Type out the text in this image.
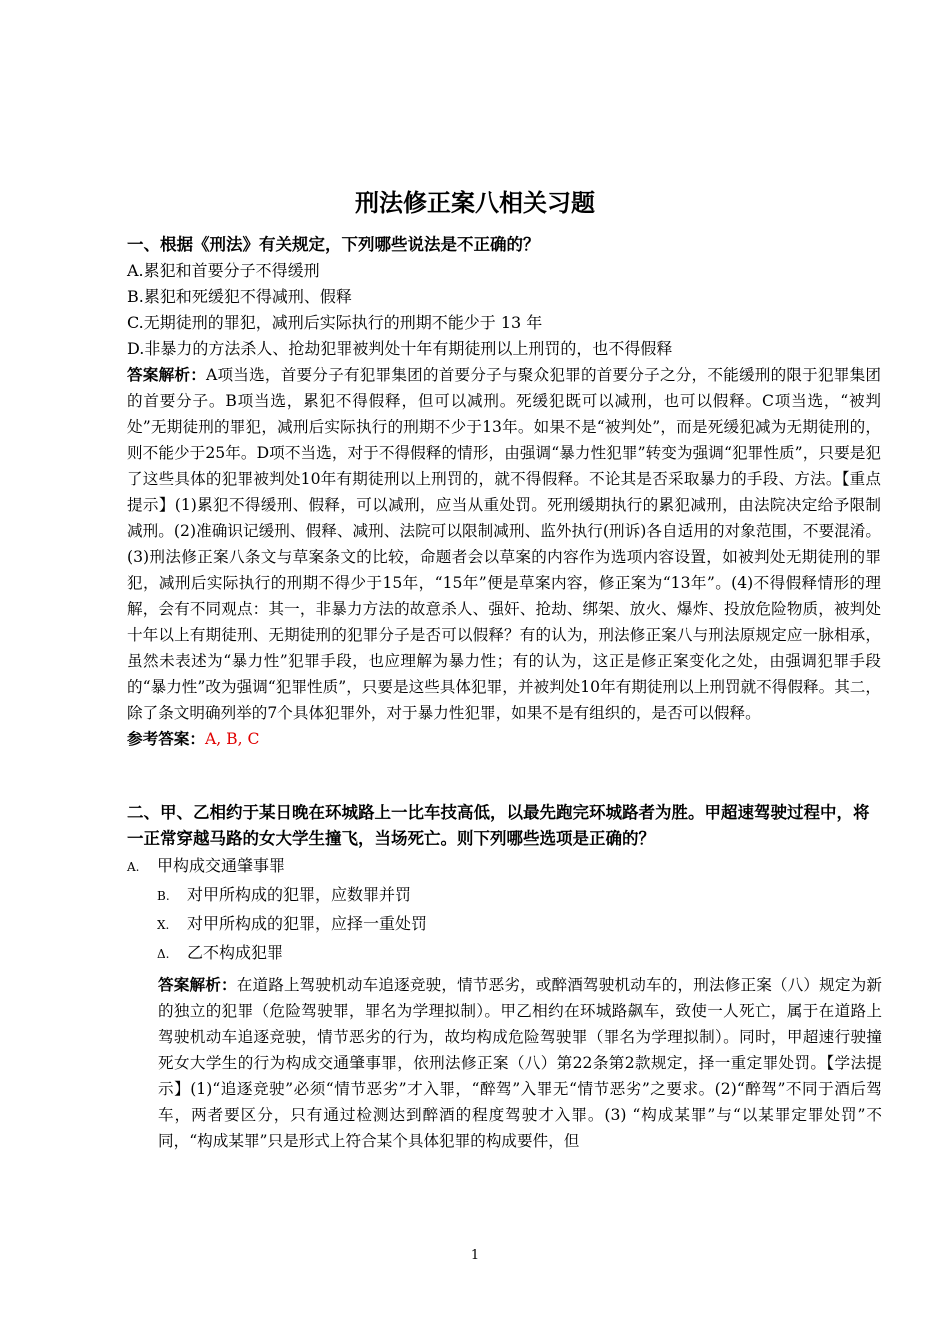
刑法修正案八相关习题

一、根据《刑法》有关规定，下列哪些说法是不正确的？

A.累犯和首要分子不得缓刑

B.累犯和死缓犯不得减刑、假释

C.无期徒刑的罪犯，减刑后实际执行的刑期不能少于 13 年

D.非暴力的方法杀人、抢劫犯罪被判处十年有期徒刑以上刑罚的，也不得假释

答案解析：A项当选，首要分子有犯罪集团的首要分子与聚众犯罪的首要分子之分，不能缓刑的限于犯罪集团的首要分子。B项当选，累犯不得假释，但可以减刑。死缓犯既可以减刑，也可以假释。C项当选，“被判处”无期徒刑的罪犯，减刑后实际执行的刑期不少于13年。如果不是“被判处”，而是死缓犯减为无期徒刑的，则不能少于25年。D项不当选，对于不得假释的情形，由强调“暴力性犯罪”转变为强调“犯罪性质”，只要是犯了这些具体的犯罪被判处10年有期徒刑以上刑罚的，就不得假释。不论其是否采取暴力的手段、方法。【重点提示】(1)累犯不得缓刑、假释，可以减刑，应当从重处罚。死刑缓期执行的累犯减刑，由法院决定给予限制减刑。(2)准确识记缓刑、假释、减刑、法院可以限制减刑、监外执行(刑诉)各自适用的对象范围，不要混淆。(3)刑法修正案八条文与草案条文的比较，命题者会以草案的内容作为选项内容设置，如被判处无期徒刑的罪犯，减刑后实际执行的刑期不得少于15年，“15年”便是草案内容，修正案为“13年”。(4)不得假释情形的理解，会有不同观点：其一，非暴力方法的故意杀人、强奸、抢劫、绑架、放火、爆炸、投放危险物质，被判处十年以上有期徒刑、无期徒刑的犯罪分子是否可以假释？有的认为，刑法修正案八与刑法原规定应一脉相承，虽然未表述为“暴力性”犯罪手段，也应理解为暴力性；有的认为，这正是修正案变化之处，由强调犯罪手段的“暴力性”改为强调“犯罪性质”，只要是这些具体犯罪，并被判处10年有期徒刑以上刑罚就不得假释。其二，除了条文明确列举的7个具体犯罪外，对于暴力性犯罪，如果不是有组织的，是否可以假释。

参考答案：A, B, C

二、甲、乙相约于某日晚在环城路上一比车技高低，以最先跑完环城路者为胜。甲超速驾驶过程中，将一正常穿越马路的女大学生撞飞，当场死亡。则下列哪些选项是正确的？

A. 甲构成交通肇事罪

B. 对甲所构成的犯罪，应数罪并罚

X. 对甲所构成的犯罪，应择一重处罚

Δ. 乙不构成犯罪

答案解析：在道路上驾驶机动车追逐竞驶，情节恶劣，或醉酒驾驶机动车的，刑法修正案（八）规定为新的独立的犯罪（危险驾驶罪，罪名为学理拟制）。甲乙相约在环城路飙车，致使一人死亡，属于在道路上驾驶机动车追逐竞驶，情节恶劣的行为，故均构成危险驾驶罪（罪名为学理拟制）。同时，甲超速行驶撞死女大学生的行为构成交通肇事罪，依刑法修正案（八）第22条第2款规定，择一重定罪处罚。【学法提示】(1)“追逐竞驶”必须“情节恶劣”才入罪，“醉驾”入罪无“情节恶劣”之要求。(2)“醉驾”不同于酒后驾车，两者要区分，只有通过检测达到醉酒的程度驾驶才入罪。(3) “构成某罪”与“以某罪定罪处罚”不同，“构成某罪”只是形式上符合某个具体犯罪的构成要件，但

1
